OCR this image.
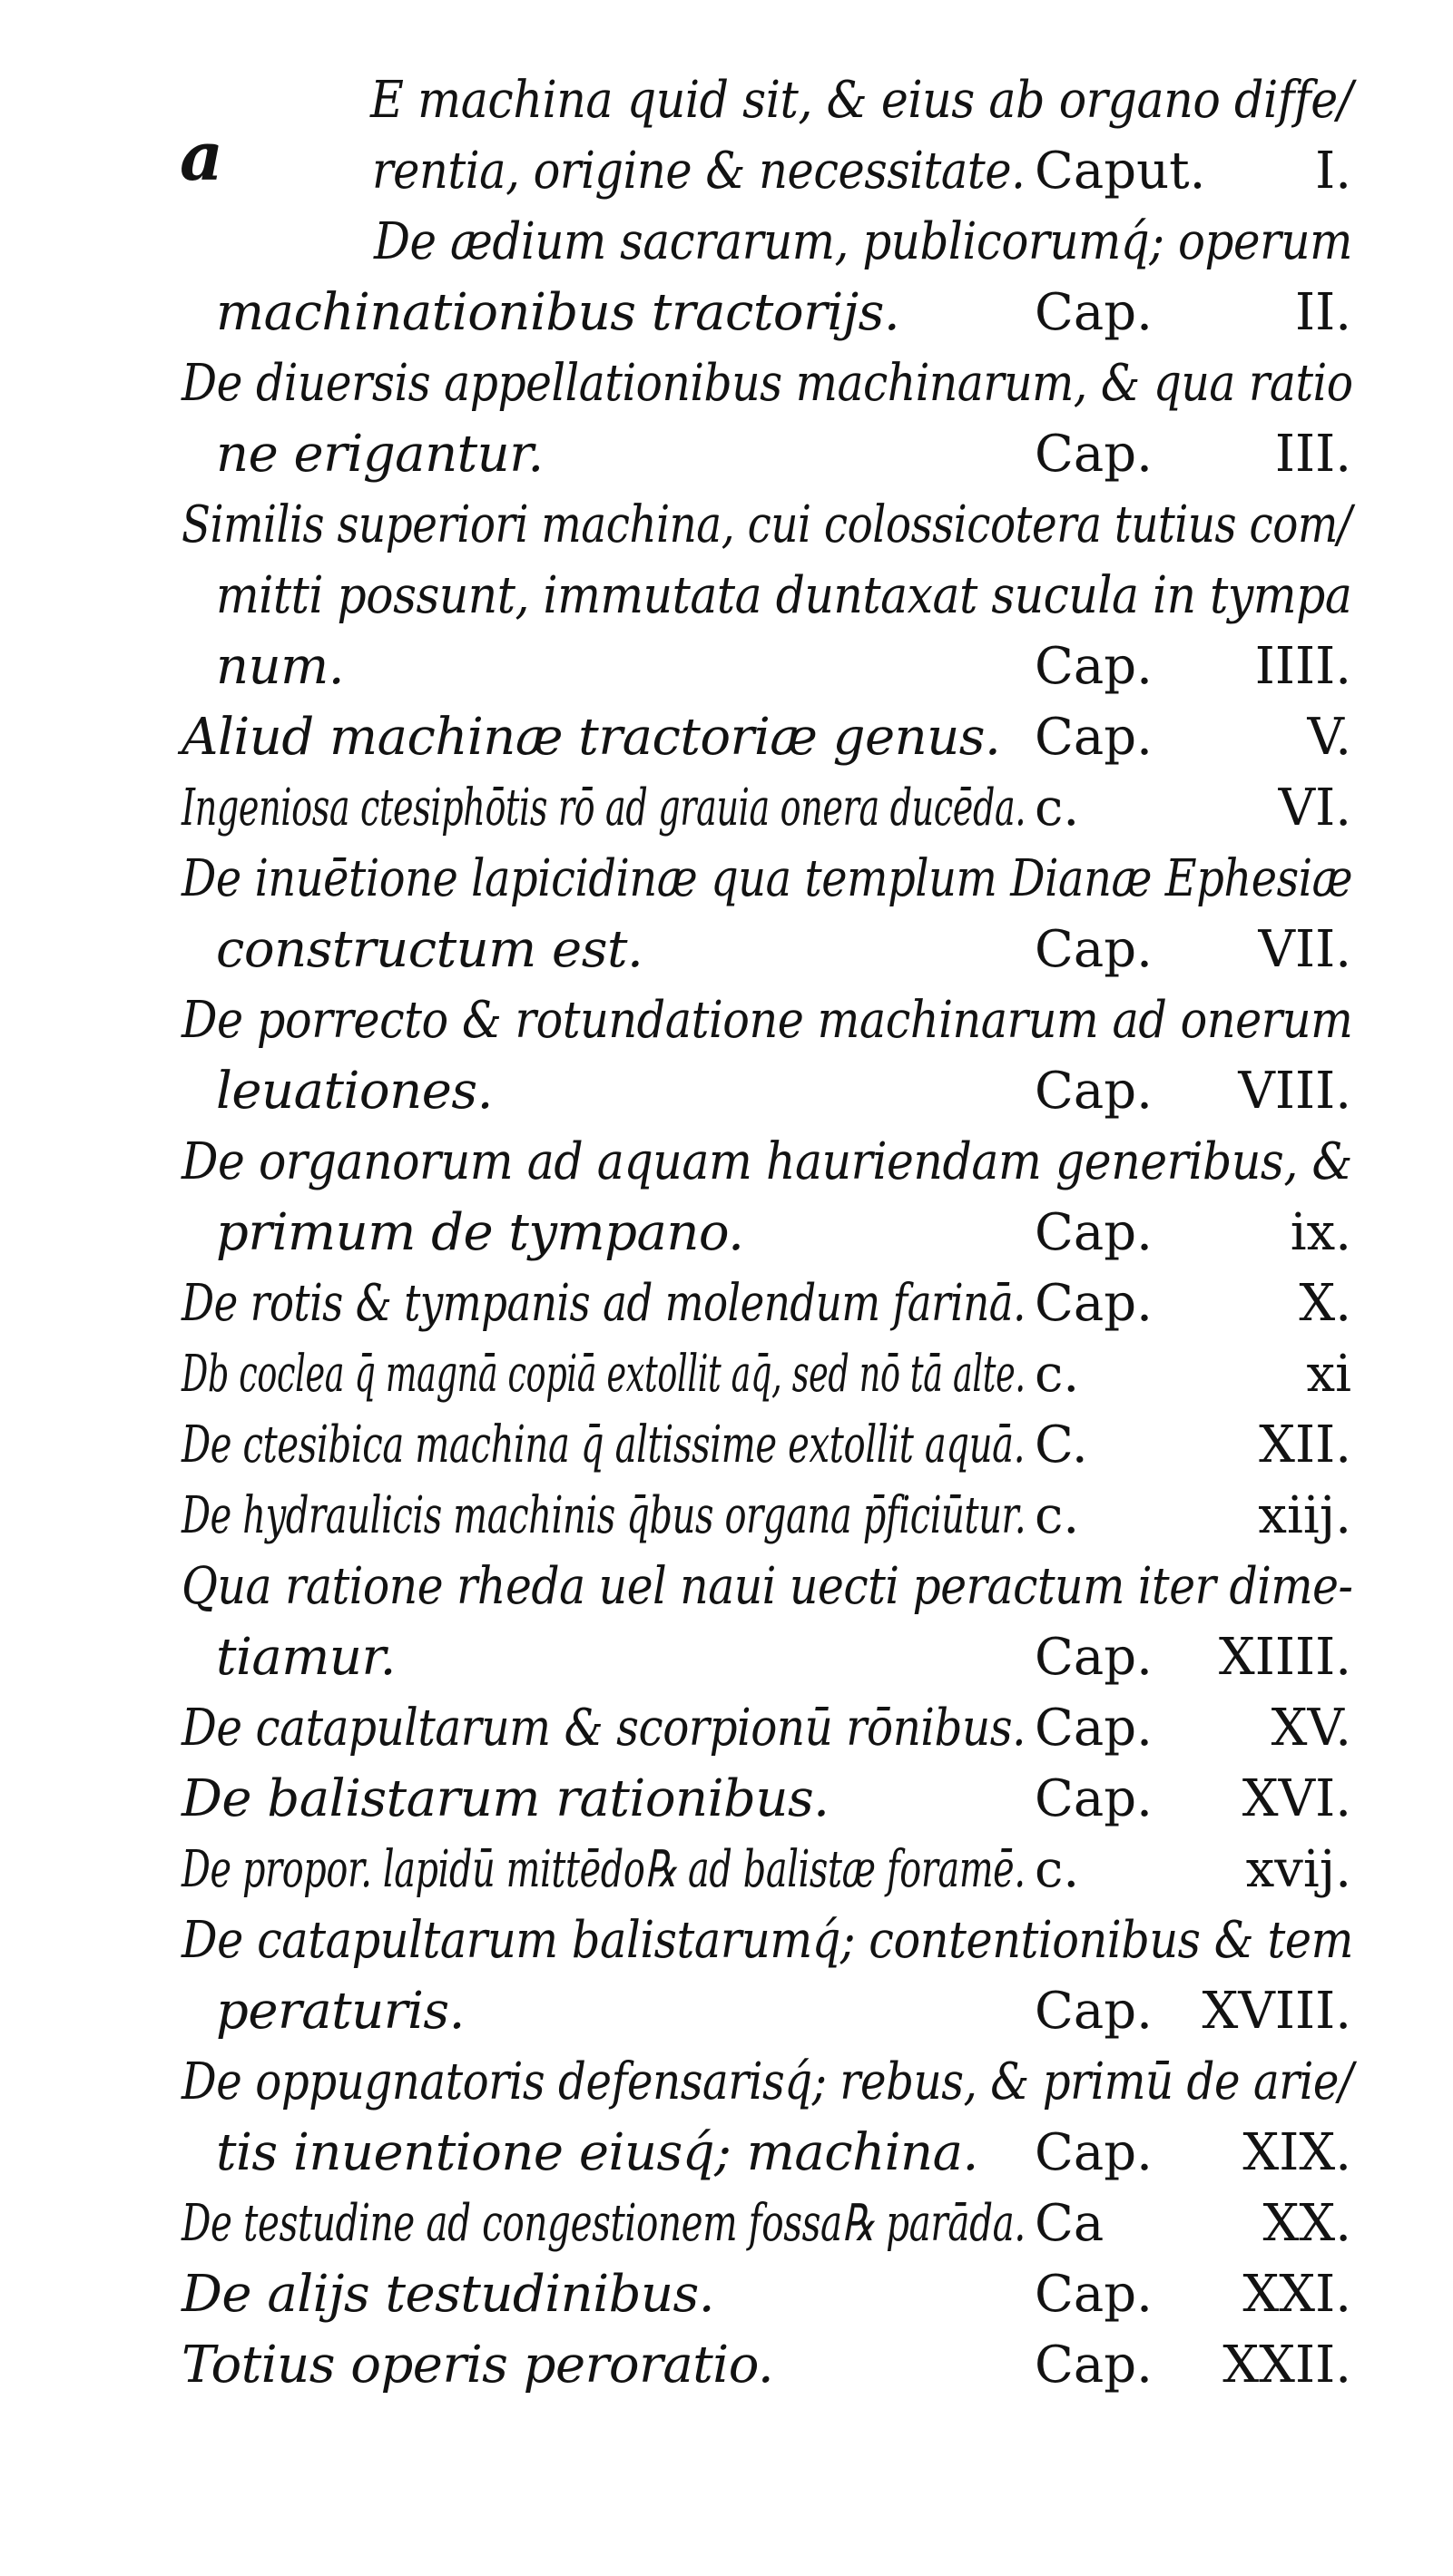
a
E machina quid sit, & eius ab organo diffe/
rentia, origine & necessitate. Caput. I.
De ædium sacrarum, publicorumq́; operum
machinationibus tractorijs.	Cap.	II.
De diuersis appellationibus machinarum, & qua ratio
ne erigantur.	Cap. III.
Similis superiori machina, cui colossicotera tutius com/
mitti possunt, immutata duntaxat sucula in tympa
num.	Cap. IIII.
Aliud machinæ tractoriæ genus. Cap.	V.
Ingeniosa ctesiphōtis rō ad grauia onera ducēda. c.	VI.
De inuētione lapicidinæ qua templum Dianæ Ephesiæ
constructum est.	Cap. VII.
De porrecto & rotundatione machinarum ad onerum
leuationes.	Cap. VIII.
De organorum ad aquam hauriendam generibus, &
primum de tympano.	Cap.	ix.
De rotis & tympanis ad molendum farinā. Cap.	X.
Db coclea q̄ magnā copiā extollit aq̄, sed nō tā alte. c.	xi
De ctesibica machina q̄ altissime extollit aquā. C.	XII.
De hydraulicis machinis q̄bus organa p̄ficiūtur. c.	xiij.
Qua ratione rheda uel naui uecti peractum iter dime-
tiamur.	Cap. XIIII.
De catapultarum & scorpionū rōnibus. Cap. XV.
De balistarum rationibus.	Cap. XVI.
De propor. lapidū mittēdo℞ ad balistæ foramē. c.	xvij.
De catapultarum balistarumq́; contentionibus & tem
peraturis.	Cap. XVIII.
De oppugnatoris defensarisq́; rebus, & primū de arie/
tis inuentione eiusq́; machina. Cap. XIX.
De testudine ad congestionem fossa℞ parāda. Ca	XX.
De alijs testudinibus.	Cap. XXI.
Totius operis peroratio.	Cap. XXII.
